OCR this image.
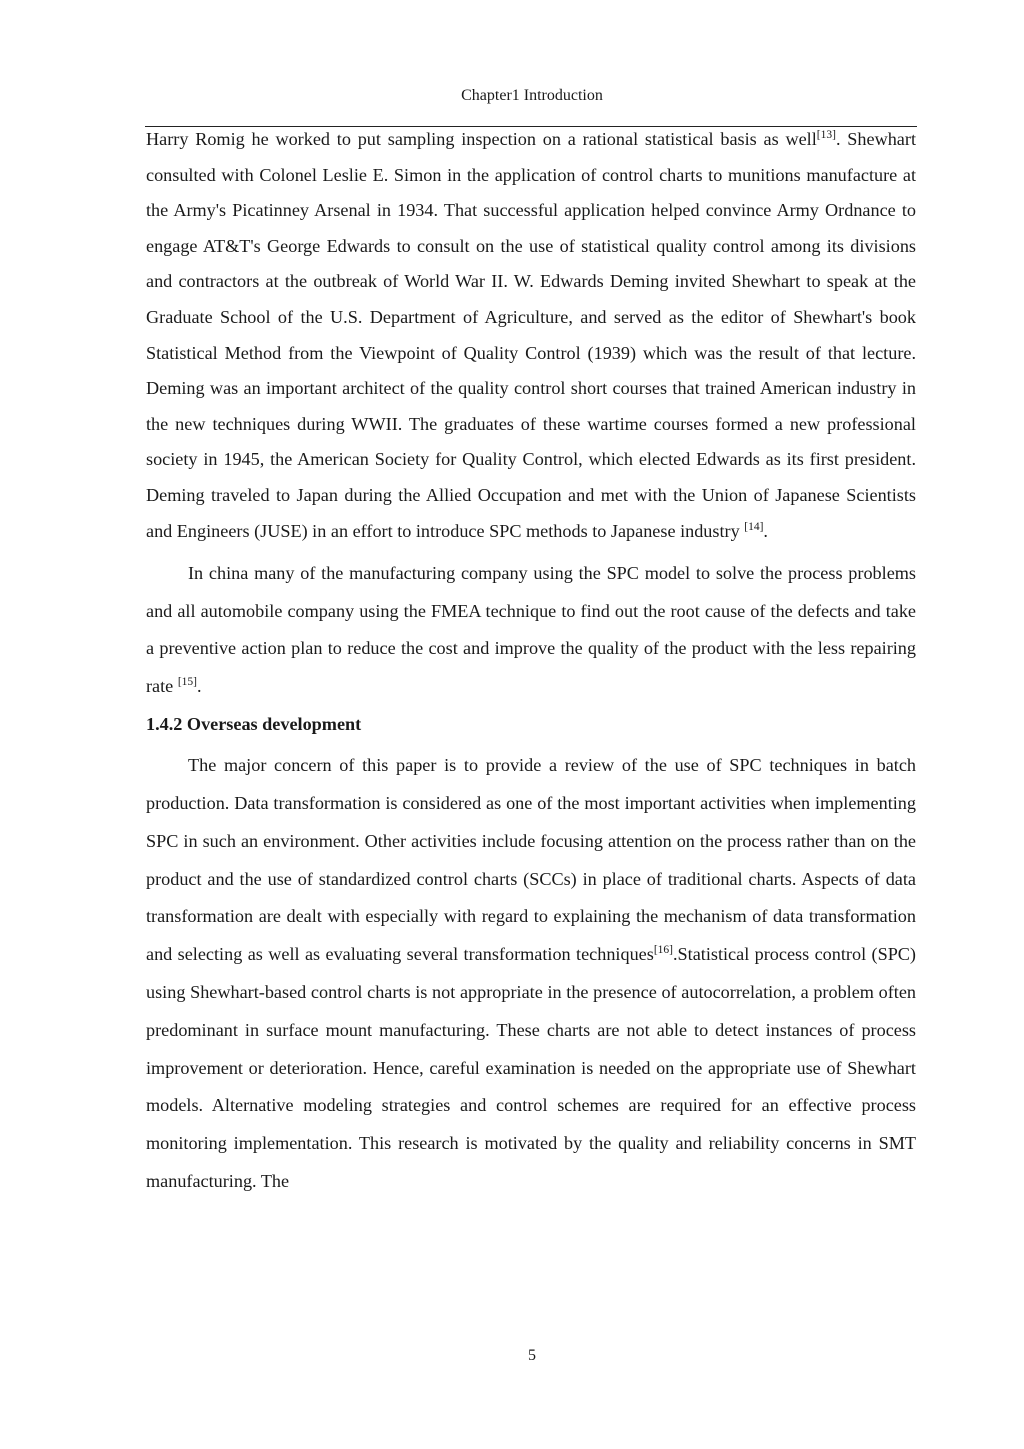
Chapter1 Introduction

Harry Romig he worked to put sampling inspection on a rational statistical basis as well[13]. Shewhart consulted with Colonel Leslie E. Simon in the application of control charts to munitions manufacture at the Army's Picatinney Arsenal in 1934. That successful application helped convince Army Ordnance to engage AT&T's George Edwards to consult on the use of statistical quality control among its divisions and contractors at the outbreak of World War II. W. Edwards Deming invited Shewhart to speak at the Graduate School of the U.S. Department of Agriculture, and served as the editor of Shewhart's book Statistical Method from the Viewpoint of Quality Control (1939) which was the result of that lecture. Deming was an important architect of the quality control short courses that trained American industry in the new techniques during WWII. The graduates of these wartime courses formed a new professional society in 1945, the American Society for Quality Control, which elected Edwards as its first president. Deming traveled to Japan during the Allied Occupation and met with the Union of Japanese Scientists and Engineers (JUSE) in an effort to introduce SPC methods to Japanese industry [14].

In china many of the manufacturing company using the SPC model to solve the process problems and all automobile company using the FMEA technique to find out the root cause of the defects and take a preventive action plan to reduce the cost and improve the quality of the product with the less repairing rate [15].

1.4.2 Overseas development

The major concern of this paper is to provide a review of the use of SPC techniques in batch production. Data transformation is considered as one of the most important activities when implementing SPC in such an environment. Other activities include focusing attention on the process rather than on the product and the use of standardized control charts (SCCs) in place of traditional charts. Aspects of data transformation are dealt with especially with regard to explaining the mechanism of data transformation and selecting as well as evaluating several transformation techniques[16].Statistical process control (SPC) using Shewhart-based control charts is not appropriate in the presence of autocorrelation, a problem often predominant in surface mount manufacturing. These charts are not able to detect instances of process improvement or deterioration. Hence, careful examination is needed on the appropriate use of Shewhart models. Alternative modeling strategies and control schemes are required for an effective process monitoring implementation. This research is motivated by the quality and reliability concerns in SMT manufacturing. The

5
